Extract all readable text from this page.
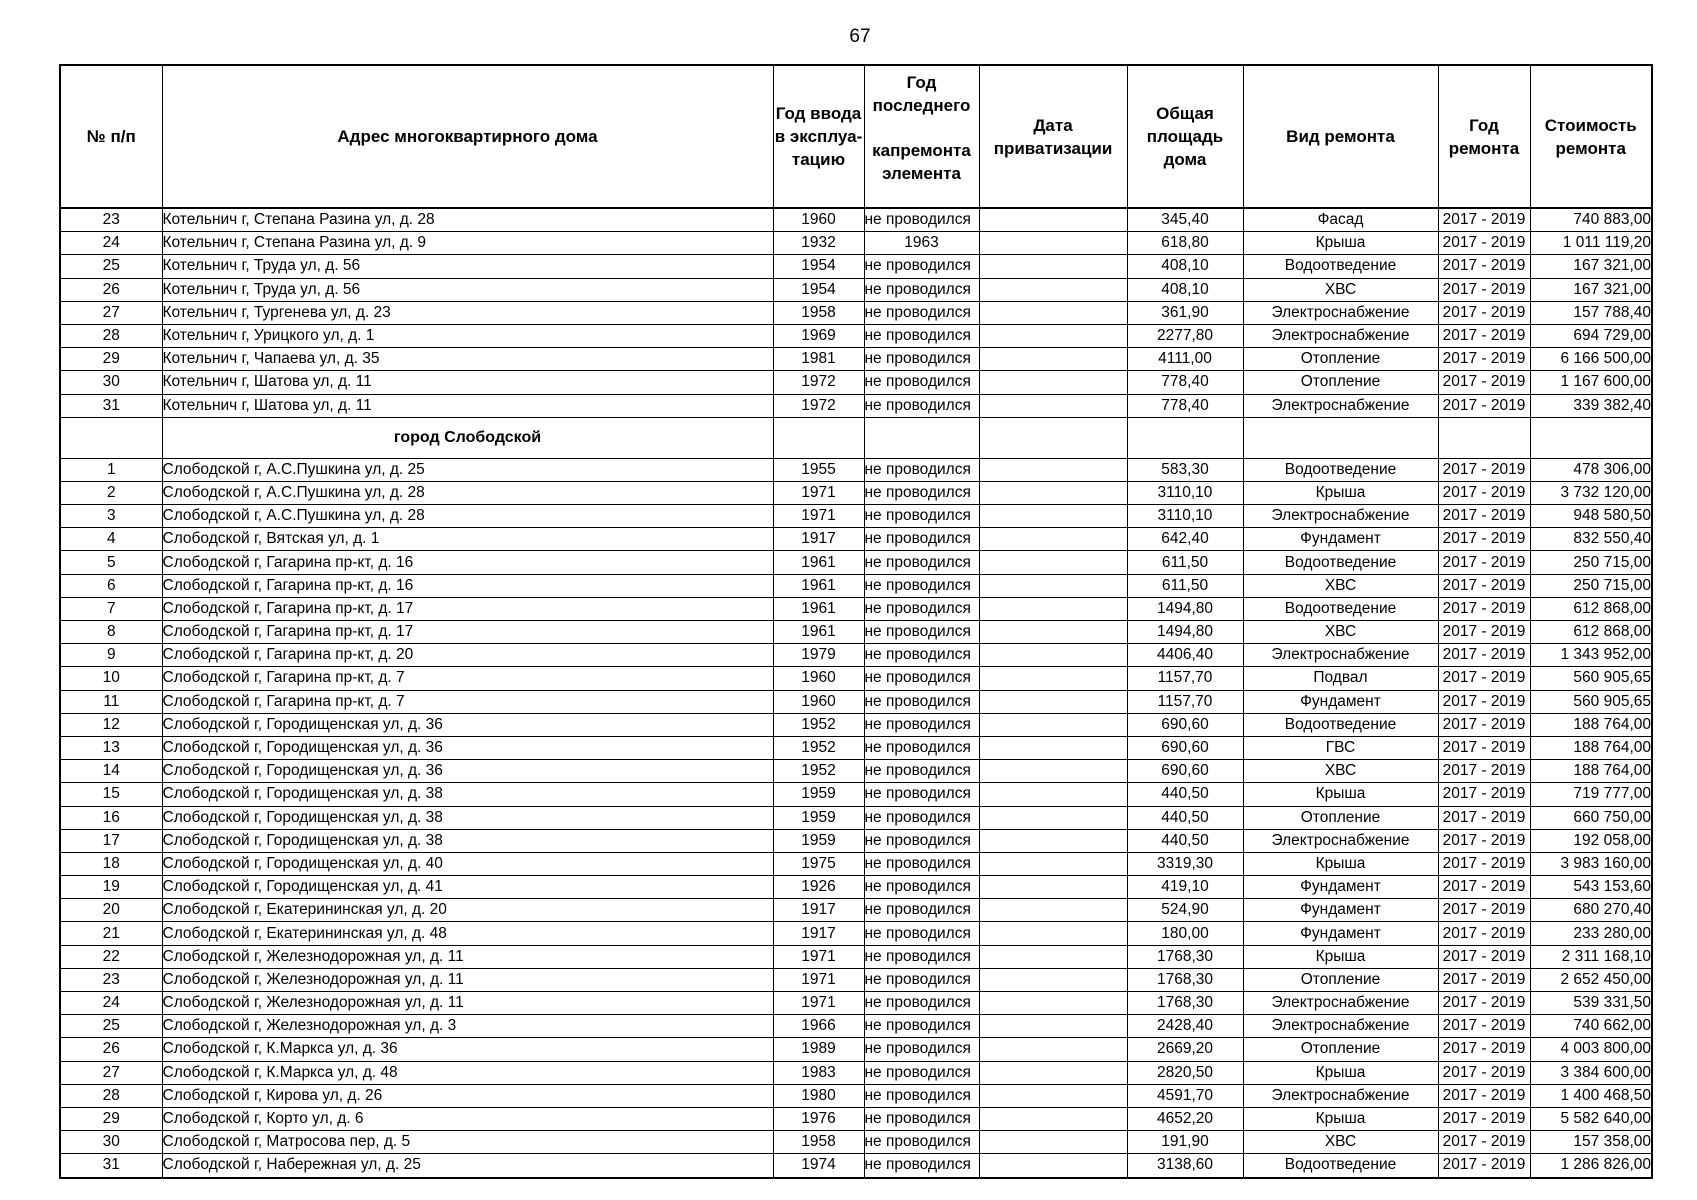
67
№ п/п	Адрес многоквартирного дома	Год ввода в эксплуа- тацию	Год последнего
капремонта элемента	Дата приватизации	Общая площадь дома	Вид ремонта	Год ремонта	Стоимость ремонта
23	Котельнич г, Степана Разина ул, д. 28	1960	не проводился		345,40	Фасад	2017 - 2019	740 883,00
24	Котельнич г, Степана Разина ул, д. 9	1932	1963		618,80	Крыша	2017 - 2019	1 011 119,20
25	Котельнич г, Труда ул, д. 56	1954	не проводился		408,10	Водоотведение	2017 - 2019	167 321,00
26	Котельнич г, Труда ул, д. 56	1954	не проводился		408,10	ХВС	2017 - 2019	167 321,00
27	Котельнич г, Тургенева ул, д. 23	1958	не проводился		361,90	Электроснабжение	2017 - 2019	157 788,40
28	Котельнич г, Урицкого ул, д. 1	1969	не проводился		2277,80	Электроснабжение	2017 - 2019	694 729,00
29	Котельнич г, Чапаева ул, д. 35	1981	не проводился		4111,00	Отопление	2017 - 2019	6 166 500,00
30	Котельнич г, Шатова ул, д. 11	1972	не проводился		778,40	Отопление	2017 - 2019	1 167 600,00
31	Котельнич г, Шатова ул, д. 11	1972	не проводился		778,40	Электроснабжение	2017 - 2019	339 382,40
	город Слободской							
1	Слободской г, А.С.Пушкина ул, д. 25	1955	не проводился		583,30	Водоотведение	2017 - 2019	478 306,00
2	Слободской г, А.С.Пушкина ул, д. 28	1971	не проводился		3110,10	Крыша	2017 - 2019	3 732 120,00
3	Слободской г, А.С.Пушкина ул, д. 28	1971	не проводился		3110,10	Электроснабжение	2017 - 2019	948 580,50
4	Слободской г, Вятская ул, д. 1	1917	не проводился		642,40	Фундамент	2017 - 2019	832 550,40
5	Слободской г, Гагарина пр-кт, д. 16	1961	не проводился		611,50	Водоотведение	2017 - 2019	250 715,00
6	Слободской г, Гагарина пр-кт, д. 16	1961	не проводился		611,50	ХВС	2017 - 2019	250 715,00
7	Слободской г, Гагарина пр-кт, д. 17	1961	не проводился		1494,80	Водоотведение	2017 - 2019	612 868,00
8	Слободской г, Гагарина пр-кт, д. 17	1961	не проводился		1494,80	ХВС	2017 - 2019	612 868,00
9	Слободской г, Гагарина пр-кт, д. 20	1979	не проводился		4406,40	Электроснабжение	2017 - 2019	1 343 952,00
10	Слободской г, Гагарина пр-кт, д. 7	1960	не проводился		1157,70	Подвал	2017 - 2019	560 905,65
11	Слободской г, Гагарина пр-кт, д. 7	1960	не проводился		1157,70	Фундамент	2017 - 2019	560 905,65
12	Слободской г, Городищенская ул, д. 36	1952	не проводился		690,60	Водоотведение	2017 - 2019	188 764,00
13	Слободской г, Городищенская ул, д. 36	1952	не проводился		690,60	ГВС	2017 - 2019	188 764,00
14	Слободской г, Городищенская ул, д. 36	1952	не проводился		690,60	ХВС	2017 - 2019	188 764,00
15	Слободской г, Городищенская ул, д. 38	1959	не проводился		440,50	Крыша	2017 - 2019	719 777,00
16	Слободской г, Городищенская ул, д. 38	1959	не проводился		440,50	Отопление	2017 - 2019	660 750,00
17	Слободской г, Городищенская ул, д. 38	1959	не проводился		440,50	Электроснабжение	2017 - 2019	192 058,00
18	Слободской г, Городищенская ул, д. 40	1975	не проводился		3319,30	Крыша	2017 - 2019	3 983 160,00
19	Слободской г, Городищенская ул, д. 41	1926	не проводился		419,10	Фундамент	2017 - 2019	543 153,60
20	Слободской г, Екатерининская ул, д. 20	1917	не проводился		524,90	Фундамент	2017 - 2019	680 270,40
21	Слободской г, Екатерининская ул, д. 48	1917	не проводился		180,00	Фундамент	2017 - 2019	233 280,00
22	Слободской г, Железнодорожная ул, д. 11	1971	не проводился		1768,30	Крыша	2017 - 2019	2 311 168,10
23	Слободской г, Железнодорожная ул, д. 11	1971	не проводился		1768,30	Отопление	2017 - 2019	2 652 450,00
24	Слободской г, Железнодорожная ул, д. 11	1971	не проводился		1768,30	Электроснабжение	2017 - 2019	539 331,50
25	Слободской г, Железнодорожная ул, д. 3	1966	не проводился		2428,40	Электроснабжение	2017 - 2019	740 662,00
26	Слободской г, К.Маркса ул, д. 36	1989	не проводился		2669,20	Отопление	2017 - 2019	4 003 800,00
27	Слободской г, К.Маркса ул, д. 48	1983	не проводился		2820,50	Крыша	2017 - 2019	3 384 600,00
28	Слободской г, Кирова ул, д. 26	1980	не проводился		4591,70	Электроснабжение	2017 - 2019	1 400 468,50
29	Слободской г, Корто ул, д. 6	1976	не проводился		4652,20	Крыша	2017 - 2019	5 582 640,00
30	Слободской г, Матросова пер, д. 5	1958	не проводился		191,90	ХВС	2017 - 2019	157 358,00
31	Слободской г, Набережная ул, д. 25	1974	не проводился		3138,60	Водоотведение	2017 - 2019	1 286 826,00
